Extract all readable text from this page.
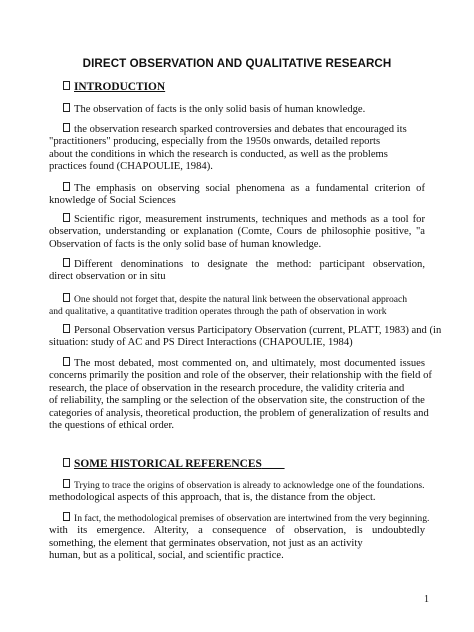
DIRECT OBSERVATION AND QUALITATIVE RESEARCH
INTRODUCTION
The observation of facts is the only solid basis of human knowledge.
the observation research sparked controversies and debates that encouraged its
"practitioners" producing, especially from the 1950s onwards, detailed reports
about the conditions in which the research is conducted, as well as the problems
practices found (CHAPOULIE, 1984).
The emphasis on observing social phenomena as a fundamental criterion of
knowledge of Social Sciences
Scientific rigor, measurement instruments, techniques and methods as a tool for
observation, understanding or explanation (Comte, Cours de philosophie positive, "a
Observation of facts is the only solid base of human knowledge.
Different denominations to designate the method: participant observation,
direct observation or in situ
One should not forget that, despite the natural link between the observational approach
and qualitative, a quantitative tradition operates through the path of observation in work
Personal Observation versus Participatory Observation (current, PLATT, 1983) and (in
situation: study of AC and PS Direct Interactions (CHAPOULIE, 1984)
The most debated, most commented on, and ultimately, most documented issues
concerns primarily the position and role of the observer, their relationship with the field of
research, the place of observation in the research procedure, the validity criteria and
of reliability, the sampling or the selection of the observation site, the construction of the
categories of analysis, theoretical production, the problem of generalization of results and
the questions of ethical order.
SOME HISTORICAL REFERENCES
Trying to trace the origins of observation is already to acknowledge one of the foundations.
methodological aspects of this approach, that is, the distance from the object.
In fact, the methodological premises of observation are intertwined from the very beginning.
with its emergence. Alterity, a consequence of observation, is undoubtedly
something, the element that germinates observation, not just as an activity
human, but as a political, social, and scientific practice.
1
